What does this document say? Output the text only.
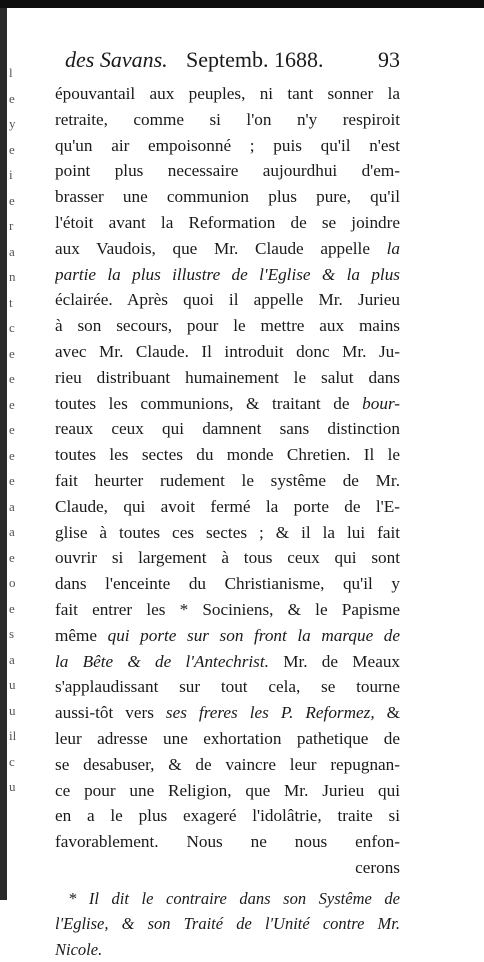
l
e
y
e
i
e
r
a
n
t
c
e
e
e
e
e
e
a
a
e
o
e
s
a
u
u
il
c
u
des Savans. Septemb. 1688. 93
épouvantail aux peuples, ni tant sonner la
retraite, comme si l'on n'y respiroit
qu'un air empoisonné ; puis qu'il n'est
point plus necessaire aujourdhui d'em-
brasser une communion plus pure, qu'il
l'étoit avant la Reformation de se joindre
aux Vaudois, que Mr. Claude appelle la
partie la plus illustre de l'Eglise & la plus
éclairée. Après quoi il appelle Mr. Jurieu
à son secours, pour le mettre aux mains
avec Mr. Claude. Il introduit donc Mr. Ju-
rieu distribuant humainement le salut dans
toutes les communions, & traitant de bour-
reaux ceux qui damnent sans distinction
toutes les sectes du monde Chretien. Il le
fait heurter rudement le systême de Mr.
Claude, qui avoit fermé la porte de l'E-
glise à toutes ces sectes ; & il la lui fait
ouvrir si largement à tous ceux qui sont
dans l'enceinte du Christianisme, qu'il y
fait entrer les * Sociniens, & le Papisme
même qui porte sur son front la marque de
la Bête & de l'Antechrist. Mr. de Meaux
s'applaudissant sur tout cela, se tourne
aussi-tôt vers ses freres les P. Reformez, &
leur adresse une exhortation pathetique de
se desabuser, & de vaincre leur repugnan-
ce pour une Religion, que Mr. Jurieu qui
en a le plus exageré l'idolâtrie, traite si
favorablement. Nous ne nous enfon-
cerons
* Il dit le contraire dans son Systême de
l'Eglise, & son Traité de l'Unité contre Mr.
Nicole.
